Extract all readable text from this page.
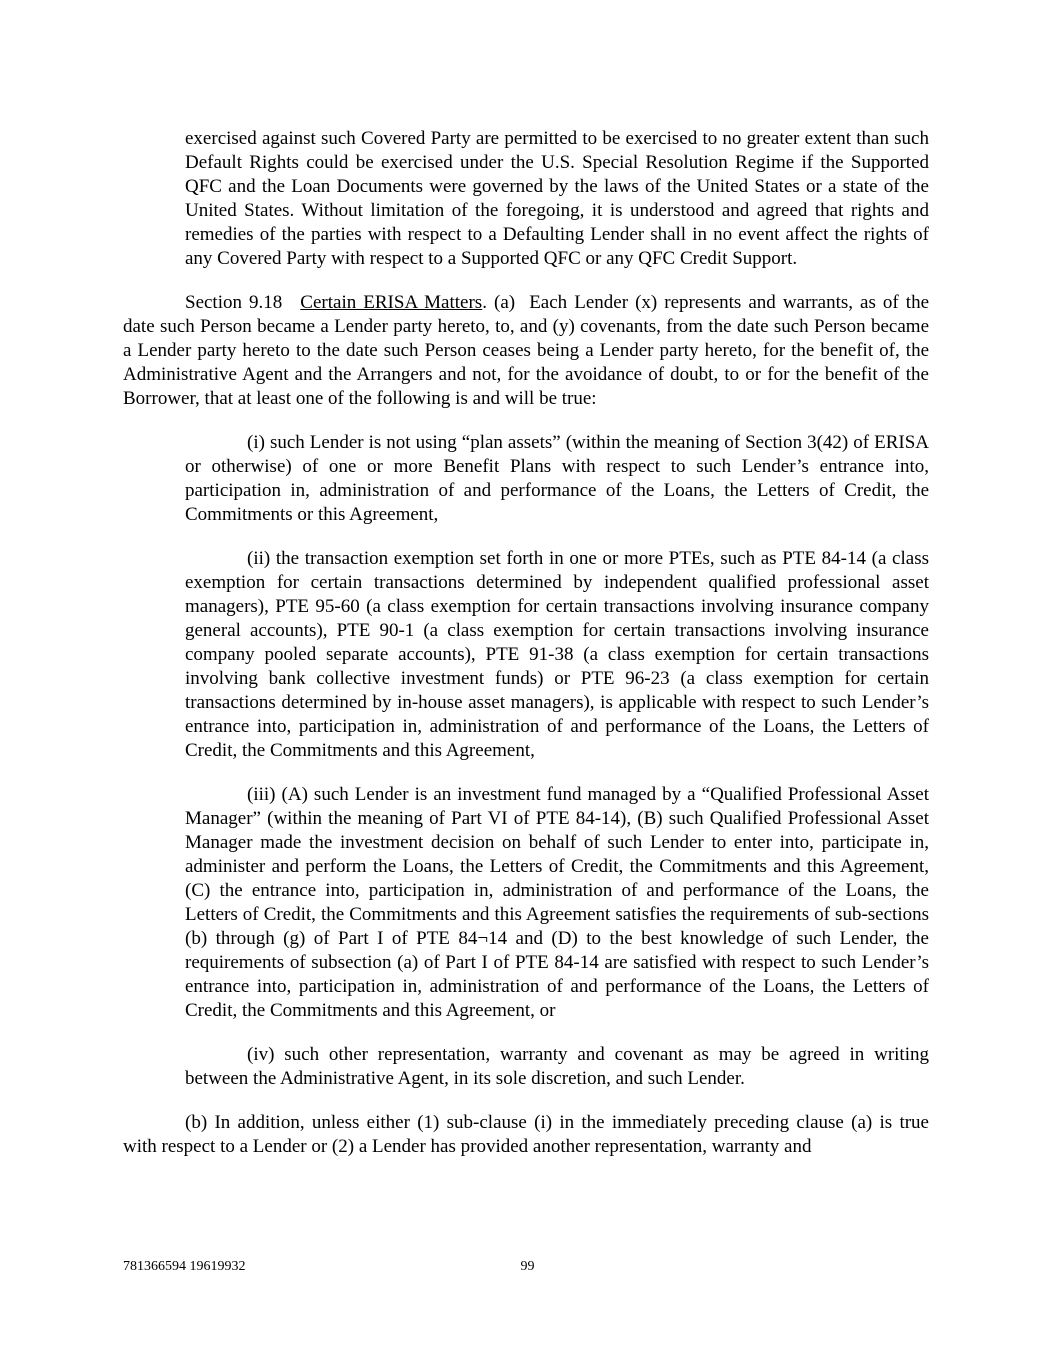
exercised against such Covered Party are permitted to be exercised to no greater extent than such Default Rights could be exercised under the U.S. Special Resolution Regime if the Supported QFC and the Loan Documents were governed by the laws of the United States or a state of the United States. Without limitation of the foregoing, it is understood and agreed that rights and remedies of the parties with respect to a Defaulting Lender shall in no event affect the rights of any Covered Party with respect to a Supported QFC or any QFC Credit Support.

Section 9.18 Certain ERISA Matters. (a)  Each Lender (x) represents and warrants, as of the date such Person became a Lender party hereto, to, and (y) covenants, from the date such Person became a Lender party hereto to the date such Person ceases being a Lender party hereto, for the benefit of, the Administrative Agent and the Arrangers and not, for the avoidance of doubt, to or for the benefit of the Borrower, that at least one of the following is and will be true:

(i) such Lender is not using “plan assets” (within the meaning of Section 3(42) of ERISA or otherwise) of one or more Benefit Plans with respect to such Lender’s entrance into, participation in, administration of and performance of the Loans, the Letters of Credit, the Commitments or this Agreement,

(ii) the transaction exemption set forth in one or more PTEs, such as PTE 84-14 (a class exemption for certain transactions determined by independent qualified professional asset managers), PTE 95-60 (a class exemption for certain transactions involving insurance company general accounts), PTE 90-1 (a class exemption for certain transactions involving insurance company pooled separate accounts), PTE 91-38 (a class exemption for certain transactions involving bank collective investment funds) or PTE 96-23 (a class exemption for certain transactions determined by in-house asset managers), is applicable with respect to such Lender’s entrance into, participation in, administration of and performance of the Loans, the Letters of Credit, the Commitments and this Agreement,

(iii) (A) such Lender is an investment fund managed by a “Qualified Professional Asset Manager” (within the meaning of Part VI of PTE 84-14), (B) such Qualified Professional Asset Manager made the investment decision on behalf of such Lender to enter into, participate in, administer and perform the Loans, the Letters of Credit, the Commitments and this Agreement, (C) the entrance into, participation in, administration of and performance of the Loans, the Letters of Credit, the Commitments and this Agreement satisfies the requirements of sub-sections (b) through (g) of Part I of PTE 84¬14 and (D) to the best knowledge of such Lender, the requirements of subsection (a) of Part I of PTE 84-14 are satisfied with respect to such Lender’s entrance into, participation in, administration of and performance of the Loans, the Letters of Credit, the Commitments and this Agreement, or

(iv) such other representation, warranty and covenant as may be agreed in writing between the Administrative Agent, in its sole discretion, and such Lender.

(b) In addition, unless either (1) sub-clause (i) in the immediately preceding clause (a) is true with respect to a Lender or (2) a Lender has provided another representation, warranty and

781366594 19619932	99
